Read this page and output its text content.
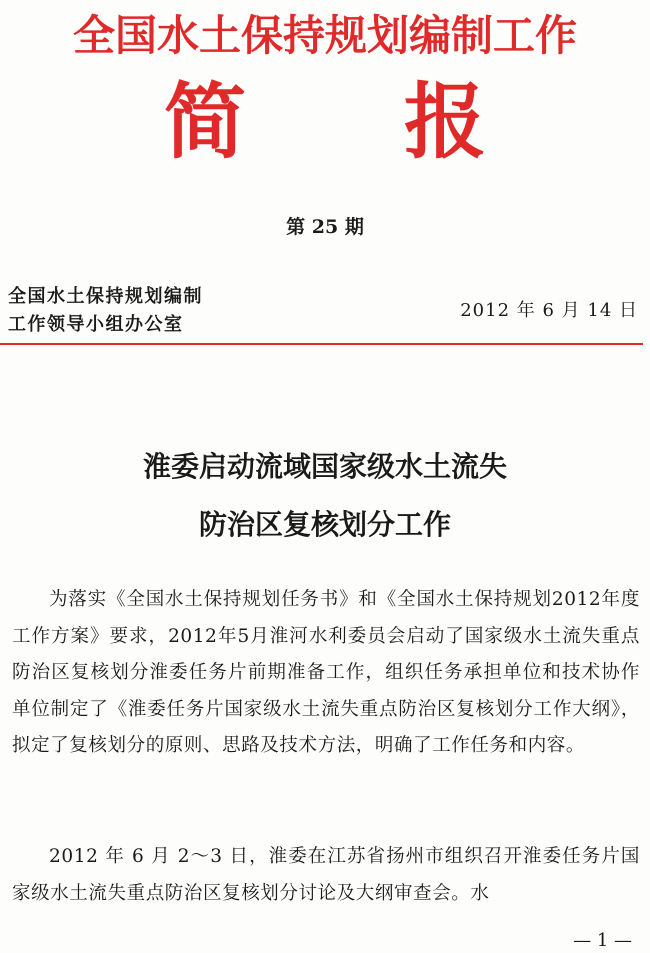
全国水土保持规划编制工作
简 报
第 25 期
全国水土保持规划编制
工作领导小组办公室
2012 年 6 月 14 日
淮委启动流域国家级水土流失
防治区复核划分工作
为落实《全国水土保持规划任务书》和《全国水土保持规划2012年度工作方案》要求，2012年5月淮河水利委员会启动了国家级水土流失重点防治区复核划分淮委任务片前期准备工作，组织任务承担单位和技术协作单位制定了《淮委任务片国家级水土流失重点防治区复核划分工作大纲》，拟定了复核划分的原则、思路及技术方法，明确了工作任务和内容。
2012 年 6 月 2～3 日，淮委在江苏省扬州市组织召开淮委任务片国家级水土流失重点防治区复核划分讨论及大纲审查会。水
— 1 —
